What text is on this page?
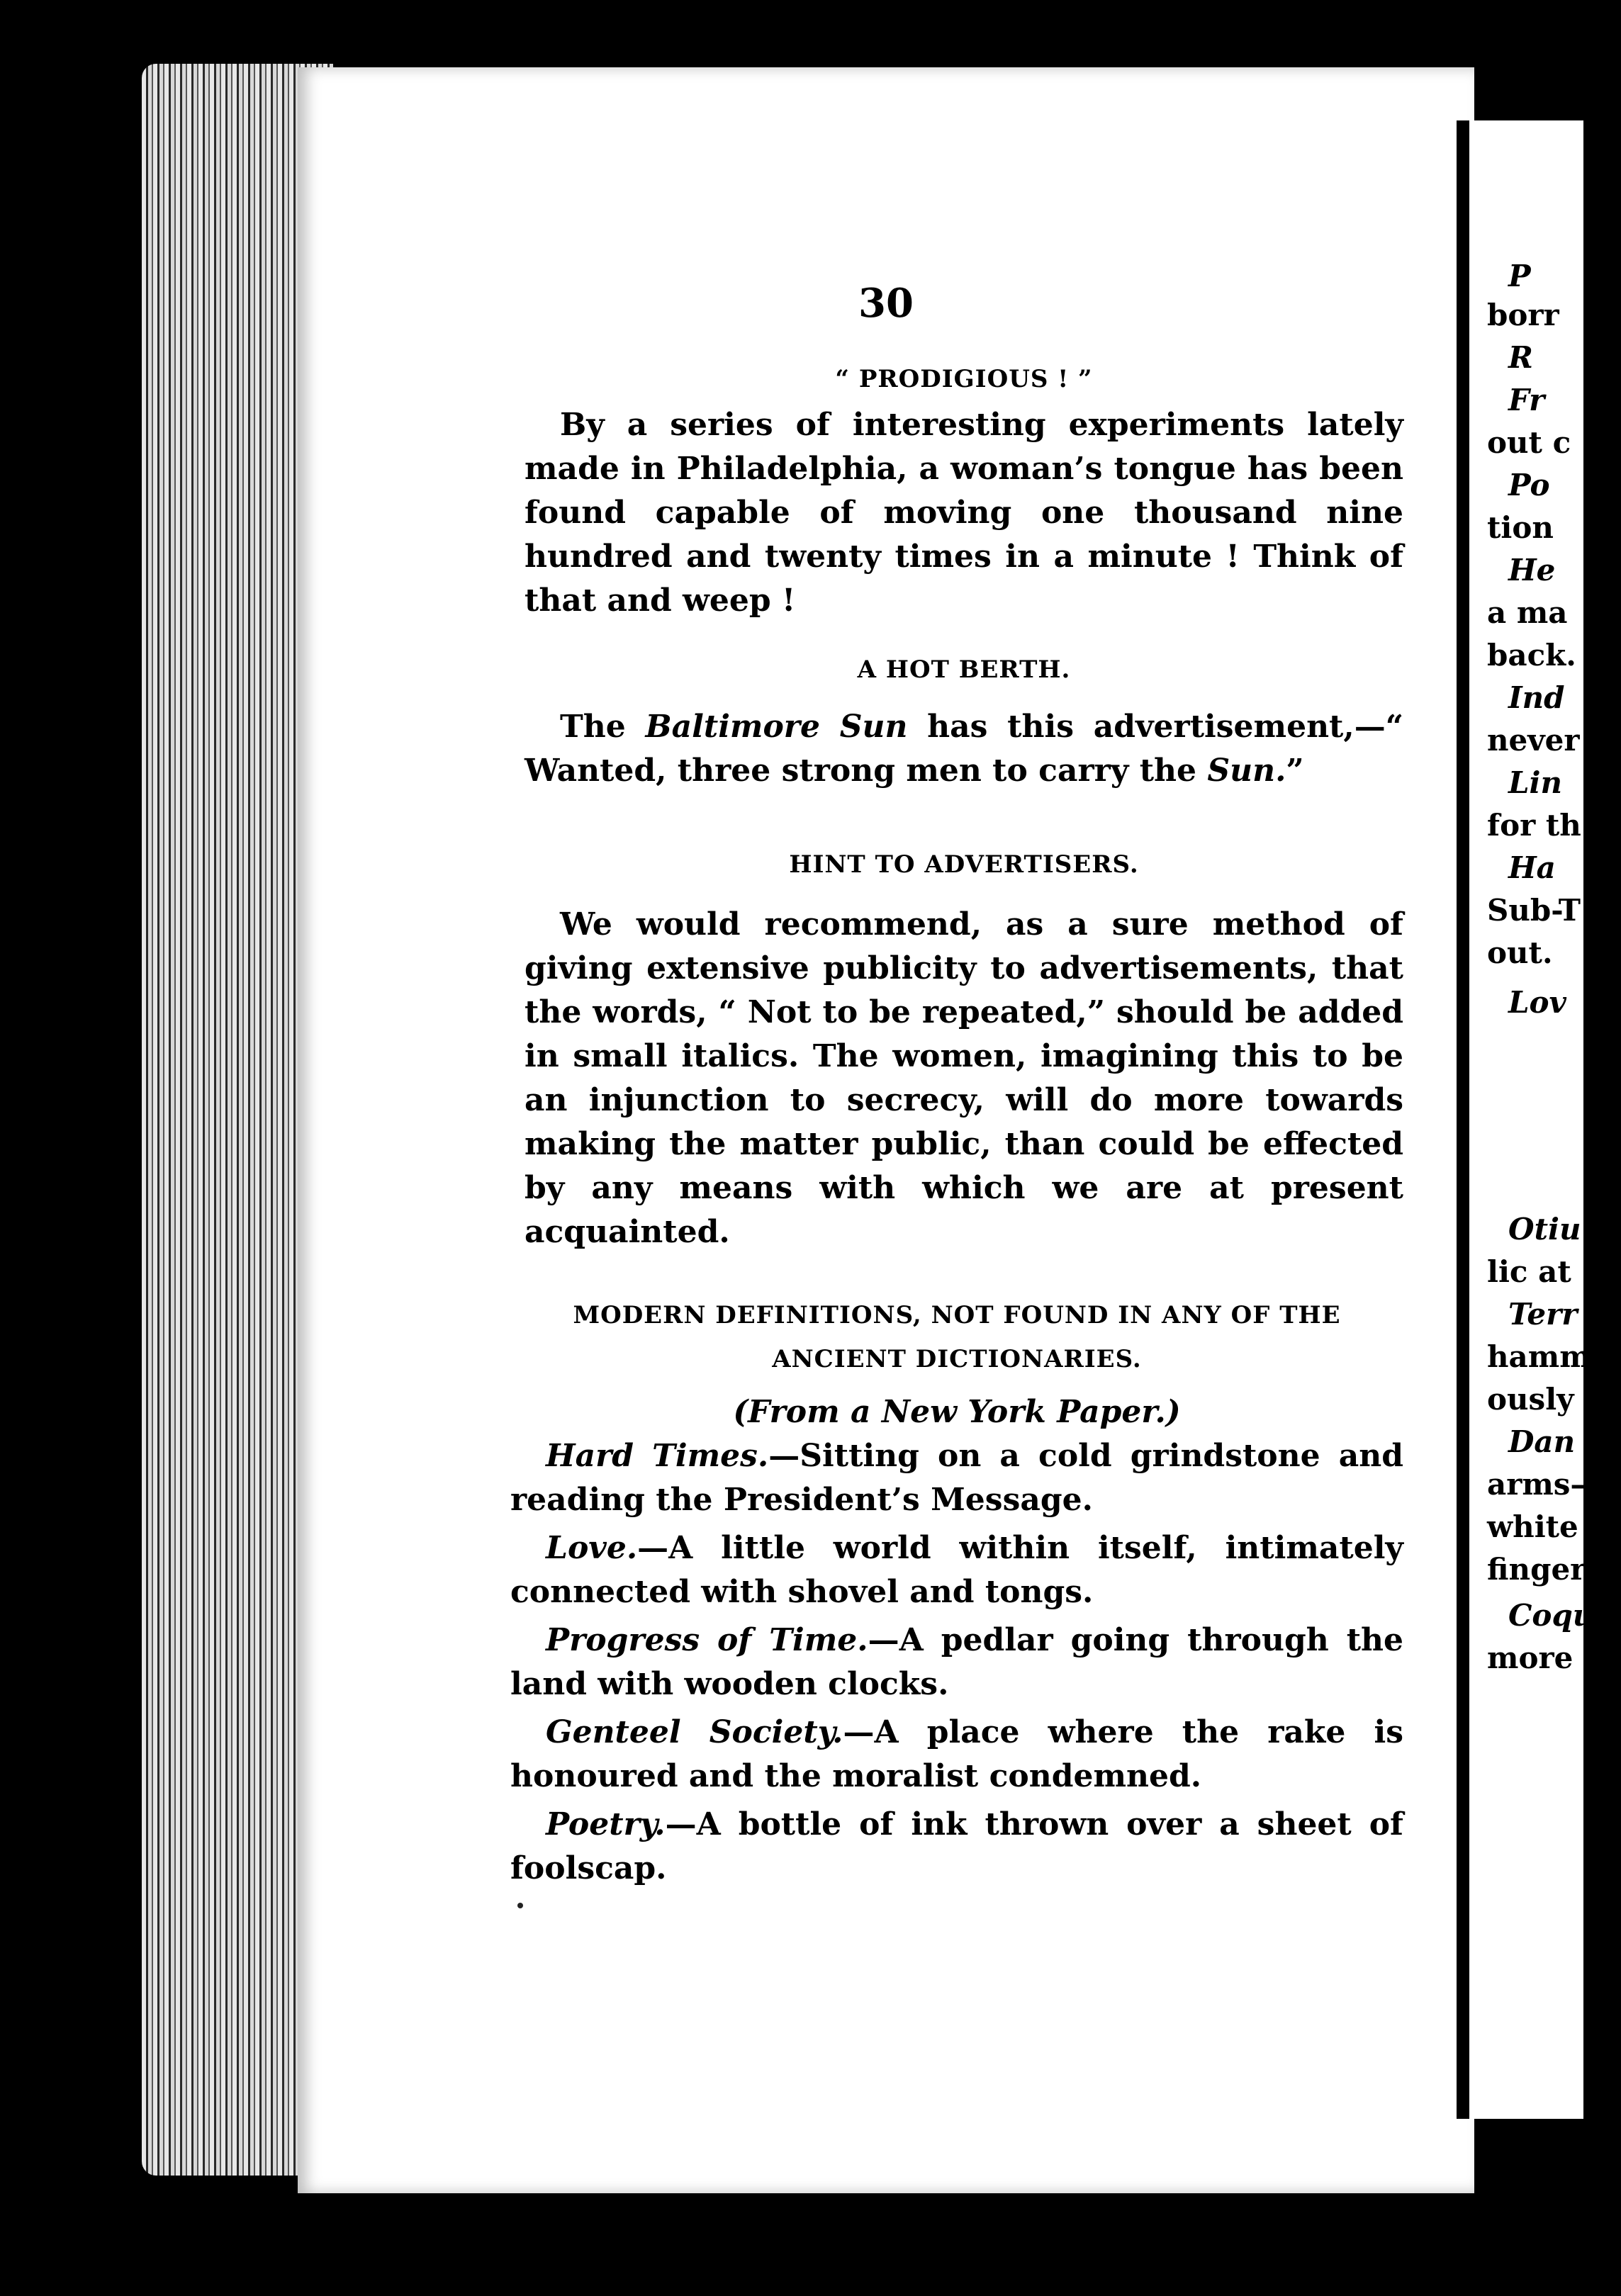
30

“ PRODIGIOUS ! ”

By a series of interesting experiments lately made in Philadelphia, a woman’s tongue has been found capable of moving one thousand nine hundred and twenty times in a minute ! Think of that and weep !

A HOT BERTH.

The Baltimore Sun has this advertisement,—“ Wanted, three strong men to carry the Sun.”

HINT TO ADVERTISERS.

We would recommend, as a sure method of giving extensive publicity to advertisements, that the words, “ Not to be repeated,” should be added in small italics. The women, imagining this to be an injunction to secrecy, will do more towards making the matter public, than could be effected by any means with which we are at present acquainted.

MODERN DEFINITIONS, NOT FOUND IN ANY OF THE ANCIENT DICTIONARIES.

(From a New York Paper.)

Hard Times.—Sitting on a cold grindstone and reading the President’s Message.

Love.—A little world within itself, intimately connected with shovel and tongs.

Progress of Time.—A pedlar going through the land with wooden clocks.

Genteel Society.—A place where the rake is honoured and the moralist condemned.

Poetry.—A bottle of ink thrown over a sheet of foolscap.

P
borr
R
Fr
out c
Po
tion
He
a ma
back.
Ind
never
Lin
for th
Ha
Sub-T
out.
Lov
Otiu
lic at
Terr
hamme
ously v
Dan
arms—
white l
finger.
Coqu
more ac
